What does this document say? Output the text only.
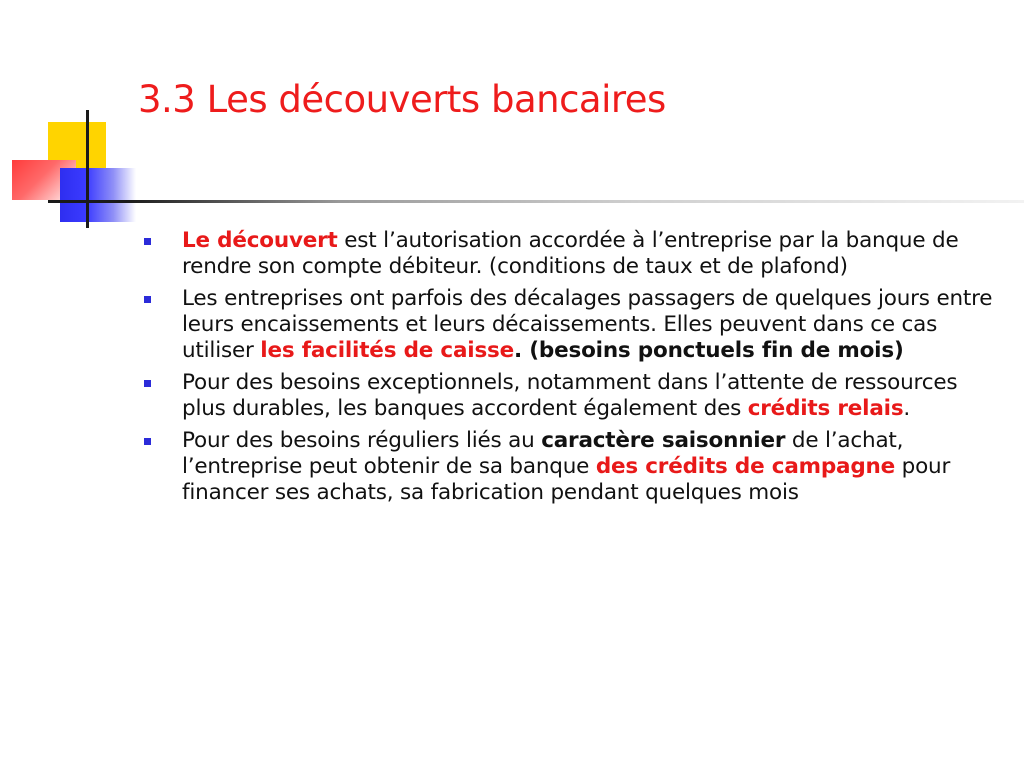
3.3 Les découverts bancaires
Le découvert est l’autorisation accordée à l’entreprise par la banque de rendre son compte débiteur. (conditions de taux et de plafond)
Les entreprises ont parfois des décalages passagers de quelques jours entre leurs encaissements et leurs décaissements. Elles peuvent dans ce cas utiliser les facilités de caisse. (besoins ponctuels fin de mois)
Pour des besoins exceptionnels, notamment dans l’attente de ressources plus durables, les banques accordent également des crédits relais.
Pour des besoins réguliers liés au caractère saisonnier de l’achat, l’entreprise peut obtenir de sa banque des crédits de campagne pour financer ses achats, sa fabrication pendant quelques mois
